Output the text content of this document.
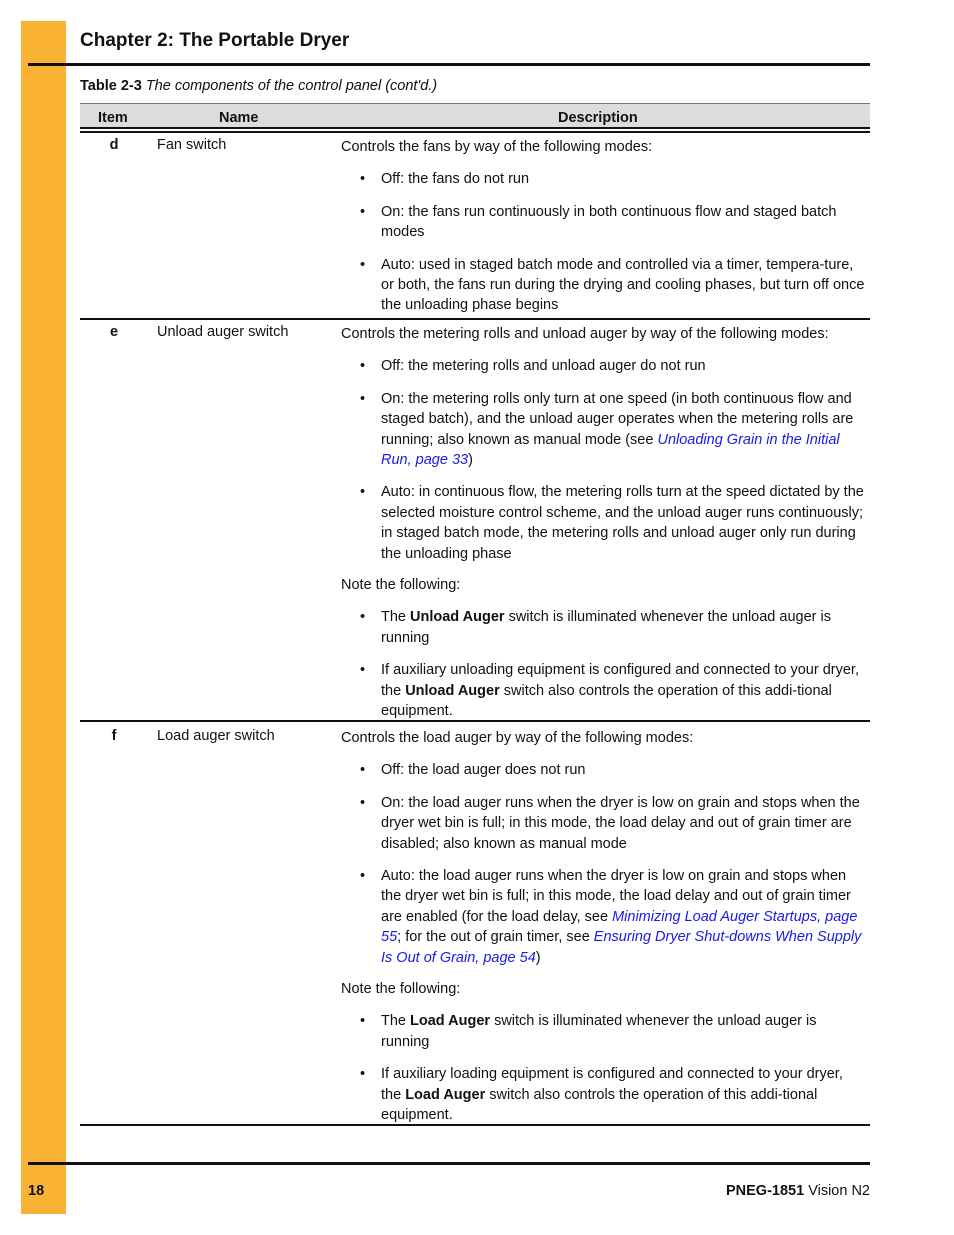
Chapter 2: The Portable Dryer
Table 2-3 The components of the control panel (cont'd.)
Item	Name	Description
d	Fan switch	Controls the fans by way of the following modes:

• Off: the fans do not run
• On: the fans run continuously in both continuous flow and staged batch modes
• Auto: used in staged batch mode and controlled via a timer, tempera-ture, or both, the fans run during the drying and cooling phases, but turn off once the unloading phase begins
e	Unload auger switch	Controls the metering rolls and unload auger by way of the following modes:

• Off: the metering rolls and unload auger do not run
• On: the metering rolls only turn at one speed (in both continuous flow and staged batch), and the unload auger operates when the metering rolls are running; also known as manual mode (see Unloading Grain in the Initial Run, page 33)
• Auto: in continuous flow, the metering rolls turn at the speed dictated by the selected moisture control scheme, and the unload auger runs continuously; in staged batch mode, the metering rolls and unload auger only run during the unloading phase

Note the following:

• The Unload Auger switch is illuminated whenever the unload auger is running
• If auxiliary unloading equipment is configured and connected to your dryer, the Unload Auger switch also controls the operation of this addi-tional equipment.
f	Load auger switch	Controls the load auger by way of the following modes:

• Off: the load auger does not run
• On: the load auger runs when the dryer is low on grain and stops when the dryer wet bin is full; in this mode, the load delay and out of grain timer are disabled; also known as manual mode
• Auto: the load auger runs when the dryer is low on grain and stops when the dryer wet bin is full; in this mode, the load delay and out of grain timer are enabled (for the load delay, see Minimizing Load Auger Startups, page 55; for the out of grain timer, see Ensuring Dryer Shut-downs When Supply Is Out of Grain, page 54)

Note the following:

• The Load Auger switch is illuminated whenever the unload auger is running
• If auxiliary loading equipment is configured and connected to your dryer, the Load Auger switch also controls the operation of this addi-tional equipment.
18	PNEG-1851 Vision N2
